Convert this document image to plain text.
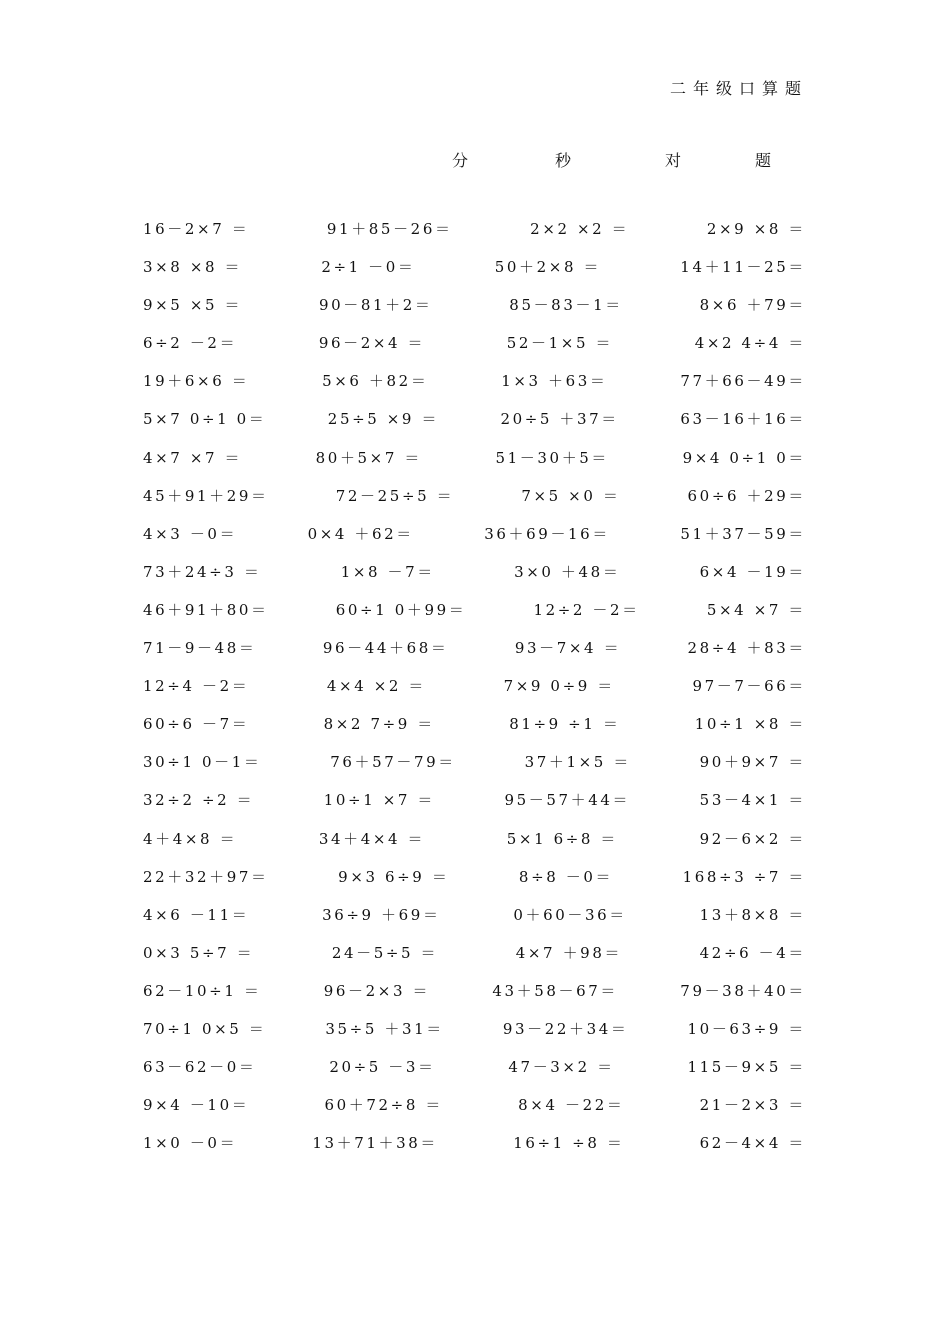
二年级口算题
分	秒	对	题
16－2×7 ＝	91＋85－26＝	2×2 ×2 ＝	2×9 ×8 ＝
3×8 ×8 ＝	2÷1 －0＝	50＋2×8 ＝	14＋11－25＝
9×5 ×5 ＝	90－81＋2＝	85－83－1＝	8×6 ＋79＝
6÷2 －2＝	96－2×4 ＝	52－1×5 ＝	4×2 4÷4 ＝
19＋6×6 ＝	5×6 ＋82＝	1×3 ＋63＝	77＋66－49＝
5×7 0÷1 0＝	25÷5 ×9 ＝	20÷5 ＋37＝	63－16＋16＝
4×7 ×7 ＝	80＋5×7 ＝	51－30＋5＝	9×4 0÷1 0＝
45＋91＋29＝	72－25÷5 ＝	7×5 ×0 ＝	60÷6 ＋29＝
4×3 －0＝	0×4 ＋62＝	36＋69－16＝	51＋37－59＝
73＋24÷3 ＝	1×8 －7＝	3×0 ＋48＝	6×4 －19＝
46＋91＋80＝	60÷1 0＋99＝	12÷2 －2＝	5×4 ×7 ＝
71－9－48＝	96－44＋68＝	93－7×4 ＝	28÷4 ＋83＝
12÷4 －2＝	4×4 ×2 ＝	7×9 0÷9 ＝	97－7－66＝
60÷6 －7＝	8×2 7÷9 ＝	81÷9 ÷1 ＝	10÷1 ×8 ＝
30÷1 0－1＝	76＋57－79＝	37＋1×5 ＝	90＋9×7 ＝
32÷2 ÷2 ＝	10÷1 ×7 ＝	95－57＋44＝	53－4×1 ＝
4＋4×8 ＝	34＋4×4 ＝	5×1 6÷8 ＝	92－6×2 ＝
22＋32＋97＝	9×3 6÷9 ＝	8÷8 －0＝	168÷3 ÷7 ＝
4×6 －11＝	36÷9 ＋69＝	0＋60－36＝	13＋8×8 ＝
0×3 5÷7 ＝	24－5÷5 ＝	4×7 ＋98＝	42÷6 －4＝
62－10÷1 ＝	96－2×3 ＝	43＋58－67＝	79－38＋40＝
70÷1 0×5 ＝	35÷5 ＋31＝	93－22＋34＝	10－63÷9 ＝
63－62－0＝	20÷5 －3＝	47－3×2 ＝	115－9×5 ＝
9×4 －10＝	60＋72÷8 ＝	8×4 －22＝	21－2×3 ＝
1×0 －0＝	13＋71＋38＝	16÷1 ÷8 ＝	62－4×4 ＝
